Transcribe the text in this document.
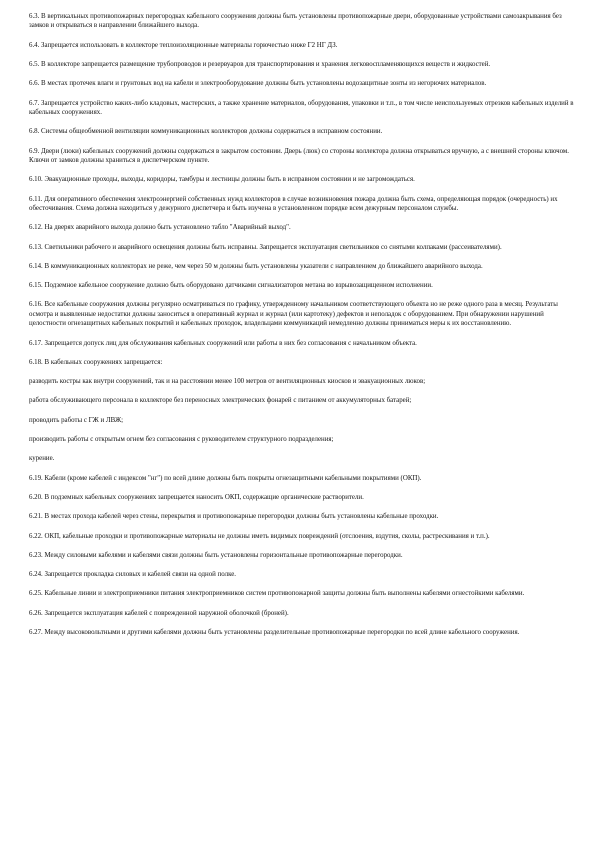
6.3. В вертикальных противопожарных перегородках кабельного сооружения должны быть установлены противопожарные двери, оборудованные устройствами самозакрывания без замков и открываться в направлении ближайшего выхода.

6.4. Запрещается использовать в коллекторе теплоизоляционные материалы горючестью ниже Г2 НГ ДЗ.

6.5. В коллекторе запрещается размещение трубопроводов и резервуаров для транспортирования и хранения легковоспламеняющихся веществ и жидкостей.

6.6. В местах протечек влаги и грунтовых вод на кабели и электрооборудование должны быть установлены водозащитные зонты из негорючих материалов.

6.7. Запрещается устройство каких-либо кладовых, мастерских, а также хранение материалов, оборудования, упаковки и т.п., в том числе неиспользуемых отрезков кабельных изделий в кабельных сооружениях.

6.8. Системы общеобменной вентиляции коммуникационных коллекторов должны содержаться в исправном состоянии.

6.9. Двери (люки) кабельных сооружений должны содержаться в закрытом состоянии. Дверь (люк) со стороны коллектора должна открываться вручную, а с внешней стороны ключом. Ключи от замков должны храниться в диспетчерском пункте.

6.10. Эвакуационные проходы, выходы, коридоры, тамбуры и лестницы должны быть в исправном состоянии и не загромождаться.

6.11. Для оперативного обеспечения электроэнергией собственных нужд коллекторов в случае возникновения пожара должна быть схема, определяющая порядок (очередность) их обесточивания. Схема должна находиться у дежурного диспетчера и быть изучена в установленном порядке всем дежурным персоналом службы.

6.12. На дверях аварийного выхода должно быть установлено табло "Аварийный выход".

6.13. Светильники рабочего и аварийного освещения должны быть исправны. Запрещается эксплуатация светильников со снятыми колпаками (рассеивателями).

6.14. В коммуникационных коллекторах не реже, чем через 50 м должны быть установлены указатели с направлением до ближайшего аварийного выхода.

6.15. Подземное кабельное сооружение должно быть оборудовано датчиками сигнализаторов метана во взрывозащищенном исполнении.

6.16. Все кабельные сооружения должны регулярно осматриваться по графику, утвержденному начальником соответствующего объекта но не реже одного раза в месяц. Результаты осмотра и выявленные недостатки должны заноситься в оперативный журнал и журнал (или картотеку) дефектов и неполадок с оборудованием. При обнаружении нарушений целостности огнезащитных кабельных покрытий и кабельных проходок, владельцами коммуникаций немедленно должны приниматься меры к их восстановлению.

6.17. Запрещается допуск лиц для обслуживания кабельных сооружений или работы в них без согласования с начальником объекта.

6.18. В кабельных сооружениях запрещается:

разводить костры как внутри сооружений, так и на расстоянии менее 100 метров от вентиляционных киосков и эвакуационных люков;

работа обслуживающего персонала в коллекторе без переносных электрических фонарей с питанием от аккумуляторных батарей;

проводить работы с ГЖ и ЛВЖ;

производить работы с открытым огнем без согласования с руководителем структурного подразделения;

курение.

6.19. Кабели (кроме кабелей с индексом "нг") по всей длине должны быть покрыты огнезащитными кабельными покрытиями (ОКП).

6.20. В подземных кабельных сооружениях запрещается наносить ОКП, содержащие органические растворители.

6.21. В местах прохода кабелей через стены, перекрытия и противопожарные перегородки должны быть установлены кабельные проходки.

6.22. ОКП, кабельные проходки и противопожарные материалы не должны иметь видимых повреждений (отслоения, вздутия, сколы, растрескивания и т.п.).

6.23. Между силовыми кабелями и кабелями связи должны быть установлены горизонтальные противопожарные перегородки.

6.24. Запрещается прокладка силовых и кабелей связи на одной полке.

6.25. Кабельные линии и электроприемники питания электроприемников систем противопожарной защиты должны быть выполнены кабелями огнестойкими кабелями.

6.26. Запрещается эксплуатация кабелей с поврежденной наружной оболочкой (броней).

6.27. Между высоковольтными и другими кабелями должны быть установлены разделительные противопожарные перегородки по всей длине кабельного сооружения.
